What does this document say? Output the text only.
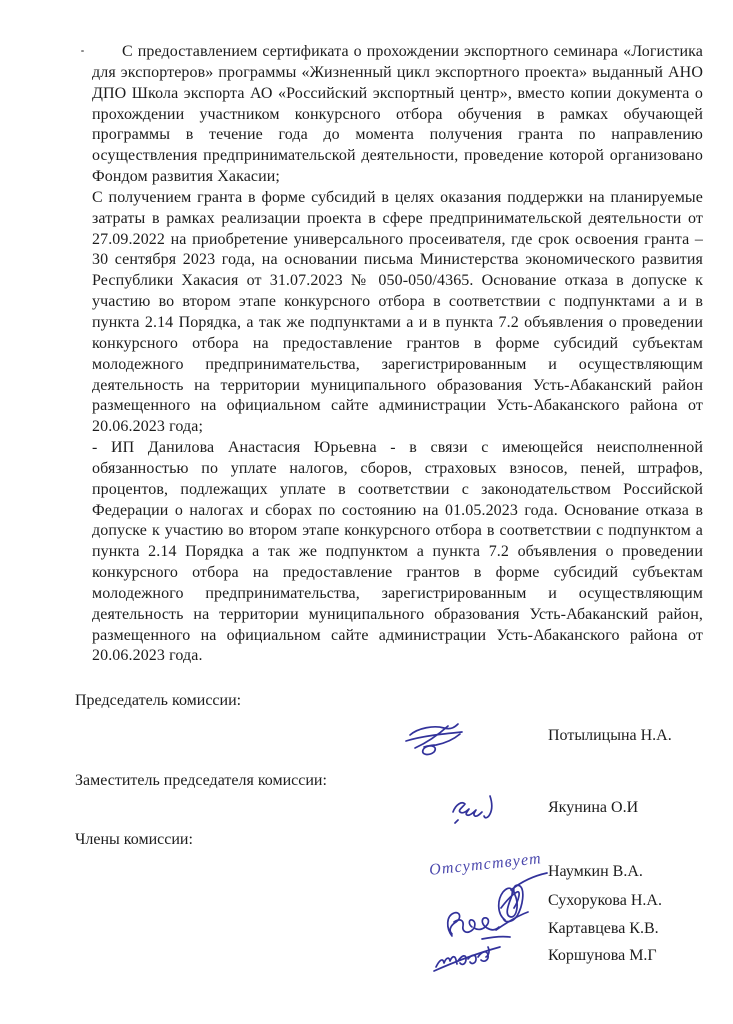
С предоставлением сертификата о прохождении экспортного семинара «Логистика для экспортеров» программы «Жизненный цикл экспортного проекта» выданный АНО ДПО Школа экспорта АО «Российский экспортный центр», вместо копии документа о прохождении участником конкурсного отбора обучения в рамках обучающей программы в течение года до момента получения гранта по направлению осуществления предпринимательской деятельности, проведение которой организовано Фондом развития Хакасии;

С получением гранта в форме субсидий в целях оказания поддержки на планируемые затраты в рамках реализации проекта в сфере предпринимательской деятельности от 27.09.2022 на приобретение универсального просеивателя, где срок освоения гранта – 30 сентября 2023 года, на основании письма Министерства экономического развития Республики Хакасия от 31.07.2023 № 050-050/4365. Основание отказа в допуске к участию во втором этапе конкурсного отбора в соответствии с подпунктами а и в пункта 2.14 Порядка, а так же подпунктами а и в пункта 7.2 объявления о проведении конкурсного отбора на предоставление грантов в форме субсидий субъектам молодежного предпринимательства, зарегистрированным и осуществляющим деятельность на территории муниципального образования Усть-Абаканский район размещенного на официальном сайте администрации Усть-Абаканского района от 20.06.2023 года;

- ИП Данилова Анастасия Юрьевна - в связи с имеющейся неисполненной обязанностью по уплате налогов, сборов, страховых взносов, пеней, штрафов, процентов, подлежащих уплате в соответствии с законодательством Российской Федерации о налогах и сборах по состоянию на 01.05.2023 года. Основание отказа в допуске к участию во втором этапе конкурсного отбора в соответствии с подпунктом а пункта 2.14 Порядка а так же подпунктом а пункта 7.2 объявления о проведении конкурсного отбора на предоставление грантов в форме субсидий субъектам молодежного предпринимательства, зарегистрированным и осуществляющим деятельность на территории муниципального образования Усть-Абаканский район, размещенного на официальном сайте администрации Усть-Абаканского района от 20.06.2023 года.

Председатель комиссии:
Потылицына Н.А.
Заместитель председателя комиссии:
Якунина О.И
Члены комиссии:
Отсутствует Наумкин В.А.
Сухорукова Н.А.
Картавцева К.В.
Коршунова М.Г
